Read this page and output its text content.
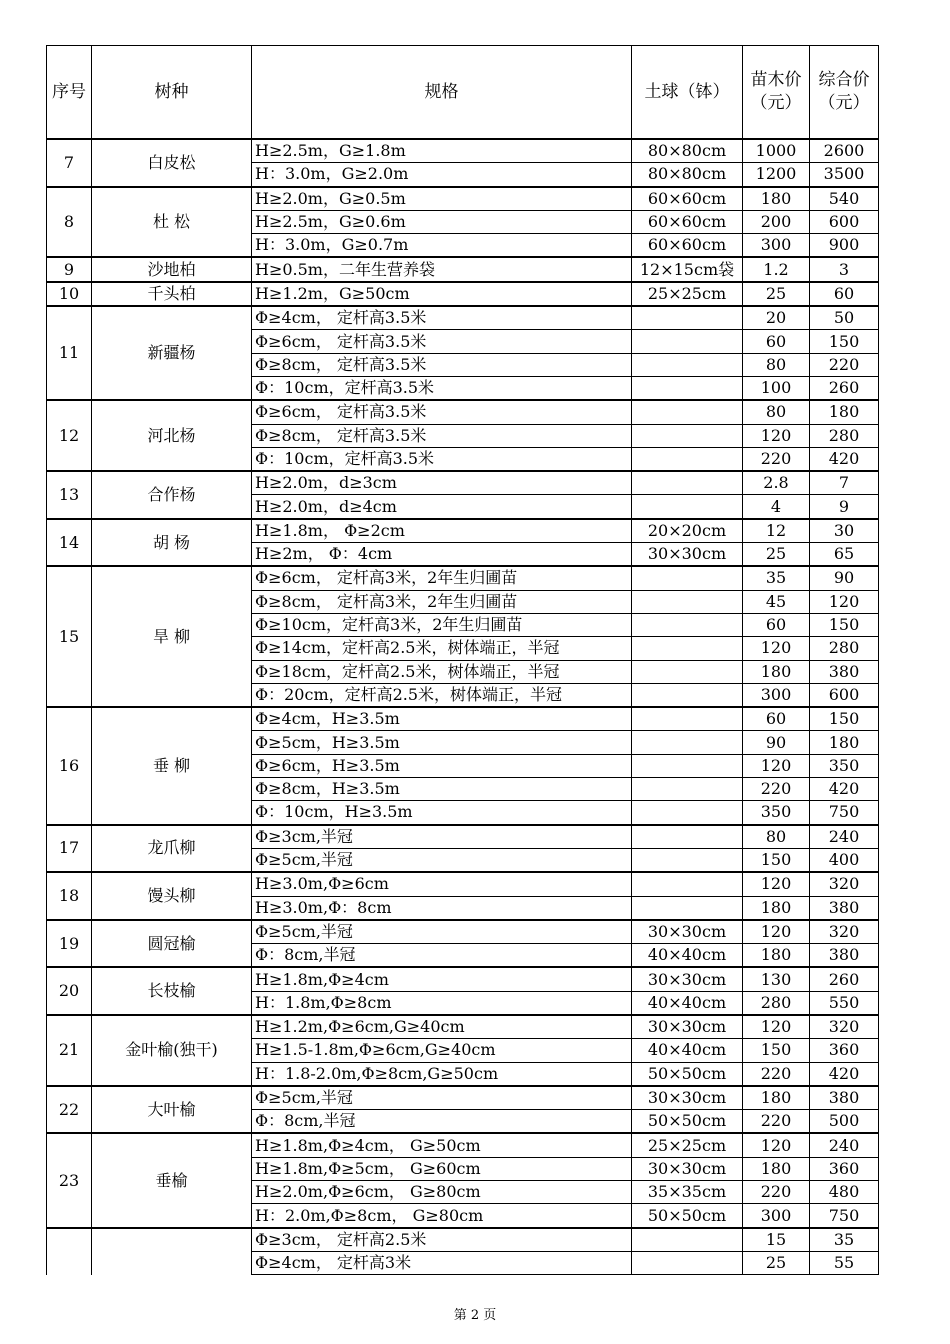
序号	树种	规格	土球（钵）	苗木价（元）	综合价（元）
7	白皮松	H≥2.5m，G≥1.8m	80×80cm	1000	2600
		H：3.0m，G≥2.0m	80×80cm	1200	3500
8	杜 松	H≥2.0m，G≥0.5m	60×60cm	180	540
		H≥2.5m，G≥0.6m	60×60cm	200	600
		H：3.0m，G≥0.7m	60×60cm	300	900
9	沙地柏	H≥0.5m，二年生营养袋	12×15cm袋	1.2	3
10	千头柏	H≥1.2m，G≥50cm	25×25cm	25	60
11	新疆杨	Φ≥4cm， 定杆高3.5米		20	50
		Φ≥6cm， 定杆高3.5米		60	150
		Φ≥8cm， 定杆高3.5米		80	220
		Φ：10cm，定杆高3.5米		100	260
12	河北杨	Φ≥6cm， 定杆高3.5米		80	180
		Φ≥8cm， 定杆高3.5米		120	280
		Φ：10cm，定杆高3.5米		220	420
13	合作杨	H≥2.0m，d≥3cm		2.8	7
		H≥2.0m，d≥4cm		4	9
14	胡 杨	H≥1.8m， Φ≥2cm	20×20cm	12	30
		H≥2m， Φ：4cm	30×30cm	25	65
15	旱 柳	Φ≥6cm， 定杆高3米，2年生归圃苗		35	90
		Φ≥8cm， 定杆高3米，2年生归圃苗		45	120
		Φ≥10cm，定杆高3米，2年生归圃苗		60	150
		Φ≥14cm，定杆高2.5米，树体端正，半冠		120	280
		Φ≥18cm，定杆高2.5米，树体端正，半冠		180	380
		Φ：20cm，定杆高2.5米，树体端正，半冠		300	600
16	垂 柳	Φ≥4cm，H≥3.5m		60	150
		Φ≥5cm，H≥3.5m		90	180
		Φ≥6cm，H≥3.5m		120	350
		Φ≥8cm，H≥3.5m		220	420
		Φ：10cm，H≥3.5m		350	750
17	龙爪柳	Φ≥3cm,半冠		80	240
		Φ≥5cm,半冠		150	400
18	馒头柳	H≥3.0m,Φ≥6cm		120	320
		H≥3.0m,Φ：8cm		180	380
19	圆冠榆	Φ≥5cm,半冠	30×30cm	120	320
		Φ：8cm,半冠	40×40cm	180	380
20	长枝榆	H≥1.8m,Φ≥4cm	30×30cm	130	260
		H：1.8m,Φ≥8cm	40×40cm	280	550
21	金叶榆(独干)	H≥1.2m,Φ≥6cm,G≥40cm	30×30cm	120	320
		H≥1.5-1.8m,Φ≥6cm,G≥40cm	40×40cm	150	360
		H：1.8-2.0m,Φ≥8cm,G≥50cm	50×50cm	220	420
22	大叶榆	Φ≥5cm,半冠	30×30cm	180	380
		Φ：8cm,半冠	50×50cm	220	500
23	垂榆	H≥1.8m,Φ≥4cm， G≥50cm	25×25cm	120	240
		H≥1.8m,Φ≥5cm， G≥60cm	30×30cm	180	360
		H≥2.0m,Φ≥6cm， G≥80cm	35×35cm	220	480
		H：2.0m,Φ≥8cm， G≥80cm	50×50cm	300	750
		Φ≥3cm， 定杆高2.5米		15	35
		Φ≥4cm， 定杆高3米		25	55
第 2 页
